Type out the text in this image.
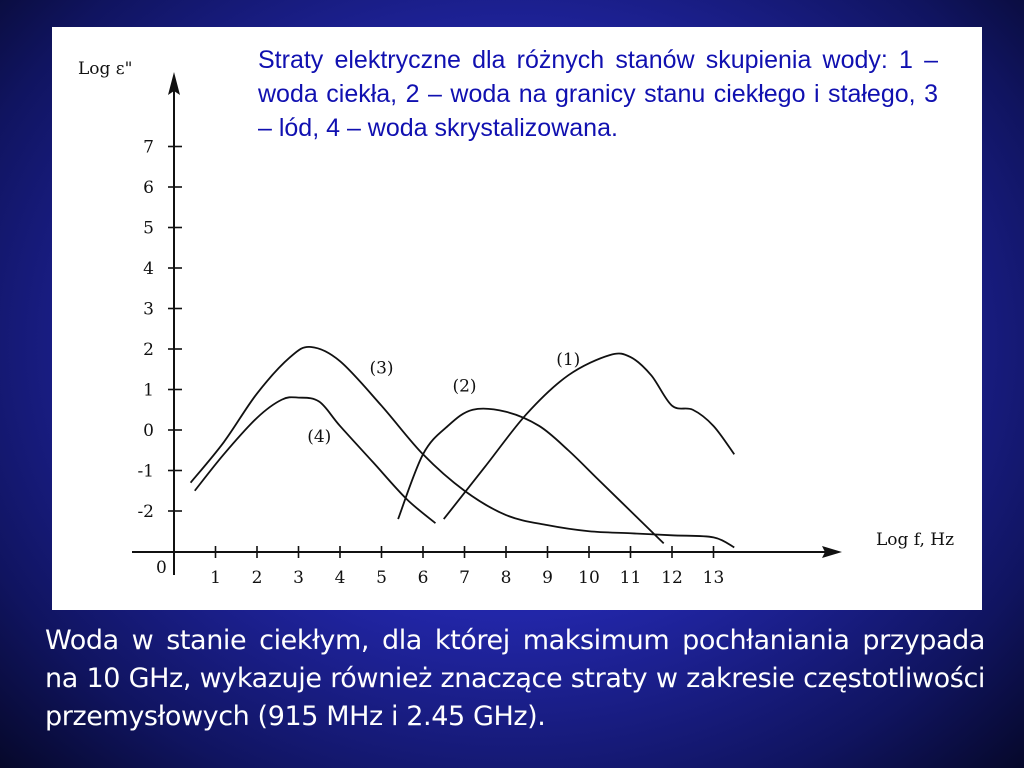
1 2 3 4 5 6 7 8 9 10 11 12 13
7
6
5
4
3
2
1
0
-1
-2
Log ε"
Log f, Hz
0
(1)
(2)
(3)
(4)
Straty elektryczne dla różnych stanów skupienia wody: 1 – woda ciekła, 2 – woda na granicy stanu ciekłego i stałego, 3 – lód, 4 – woda skrystalizowana.
Woda w stanie ciekłym, dla której maksimum pochłaniania przypada na 10 GHz, wykazuje również znaczące straty w zakresie częstotliwości przemysłowych (915 MHz i 2.45 GHz).
